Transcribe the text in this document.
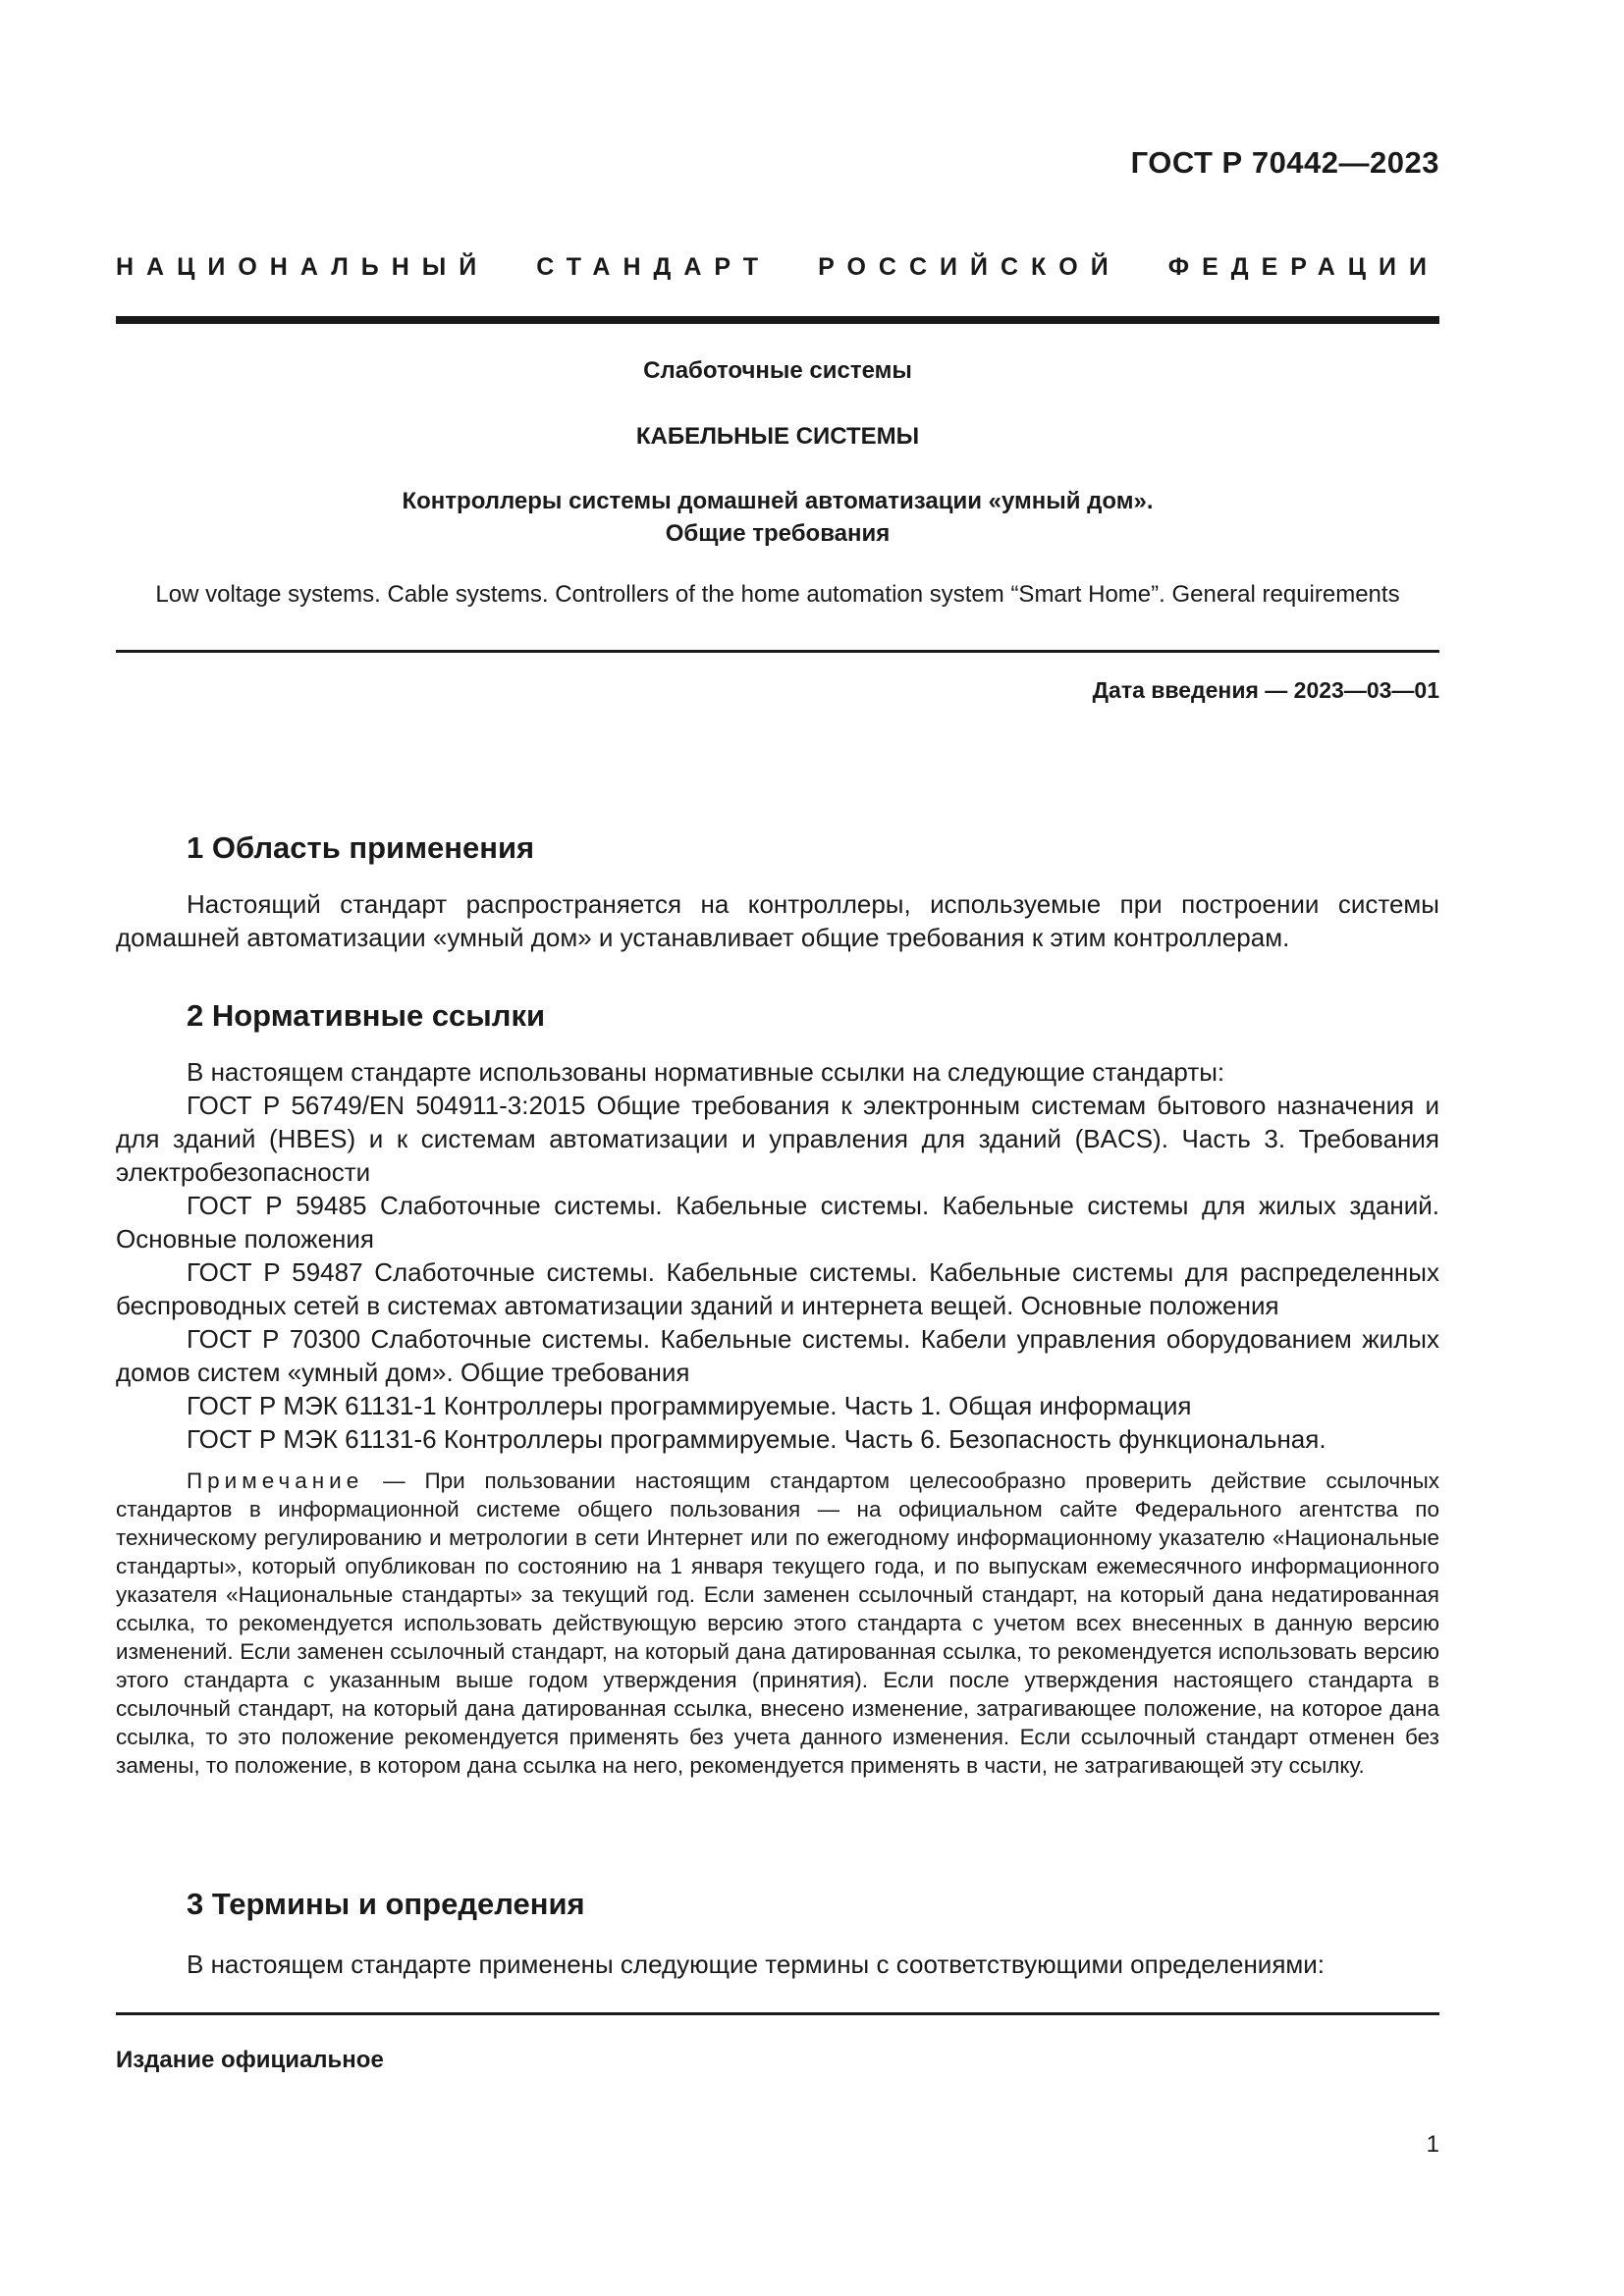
ГОСТ Р 70442—2023
НАЦИОНАЛЬНЫЙ СТАНДАРТ РОССИЙСКОЙ ФЕДЕРАЦИИ
Слаботочные системы
КАБЕЛЬНЫЕ СИСТЕМЫ
Контроллеры системы домашней автоматизации «умный дом».
Общие требования
Low voltage systems. Cable systems. Controllers of the home automation system “Smart Home”. General requirements
Дата введения — 2023—03—01
1 Область применения

Настоящий стандарт распространяется на контроллеры, используемые при построении системы домашней автоматизации «умный дом» и устанавливает общие требования к этим контроллерам.

2 Нормативные ссылки
В настоящем стандарте использованы нормативные ссылки на следующие стандарты:
ГОСТ Р 56749/EN 504911-3:2015 Общие требования к электронным системам бытового назначения и для зданий (HBES) и к системам автоматизации и управления для зданий (BACS). Часть 3. Требования электробезопасности
ГОСТ Р 59485 Слаботочные системы. Кабельные системы. Кабельные системы для жилых зданий. Основные положения
ГОСТ Р 59487 Слаботочные системы. Кабельные системы. Кабельные системы для распределенных беспроводных сетей в системах автоматизации зданий и интернета вещей. Основные положения
ГОСТ Р 70300 Слаботочные системы. Кабельные системы. Кабели управления оборудованием жилых домов систем «умный дом». Общие требования
ГОСТ Р МЭК 61131-1 Контроллеры программируемые. Часть 1. Общая информация
ГОСТ Р МЭК 61131-6 Контроллеры программируемые. Часть 6. Безопасность функциональная.

Примечание — При пользовании настоящим стандартом целесообразно проверить действие ссылочных стандартов в информационной системе общего пользования — на официальном сайте Федерального агентства по техническому регулированию и метрологии в сети Интернет или по ежегодному информационному указателю «Национальные стандарты», который опубликован по состоянию на 1 января текущего года, и по выпускам ежемесячного информационного указателя «Национальные стандарты» за текущий год. Если заменен ссылочный стандарт, на который дана недатированная ссылка, то рекомендуется использовать действующую версию этого стандарта с учетом всех внесенных в данную версию изменений. Если заменен ссылочный стандарт, на который дана датированная ссылка, то рекомендуется использовать версию этого стандарта с указанным выше годом утверждения (принятия). Если после утверждения настоящего стандарта в ссылочный стандарт, на который дана датированная ссылка, внесено изменение, затрагивающее положение, на которое дана ссылка, то это положение рекомендуется применять без учета данного изменения. Если ссылочный стандарт отменен без замены, то положение, в котором дана ссылка на него, рекомендуется применять в части, не затрагивающей эту ссылку.

3 Термины и определения

В настоящем стандарте применены следующие термины с соответствующими определениями:

Издание официальное
1
